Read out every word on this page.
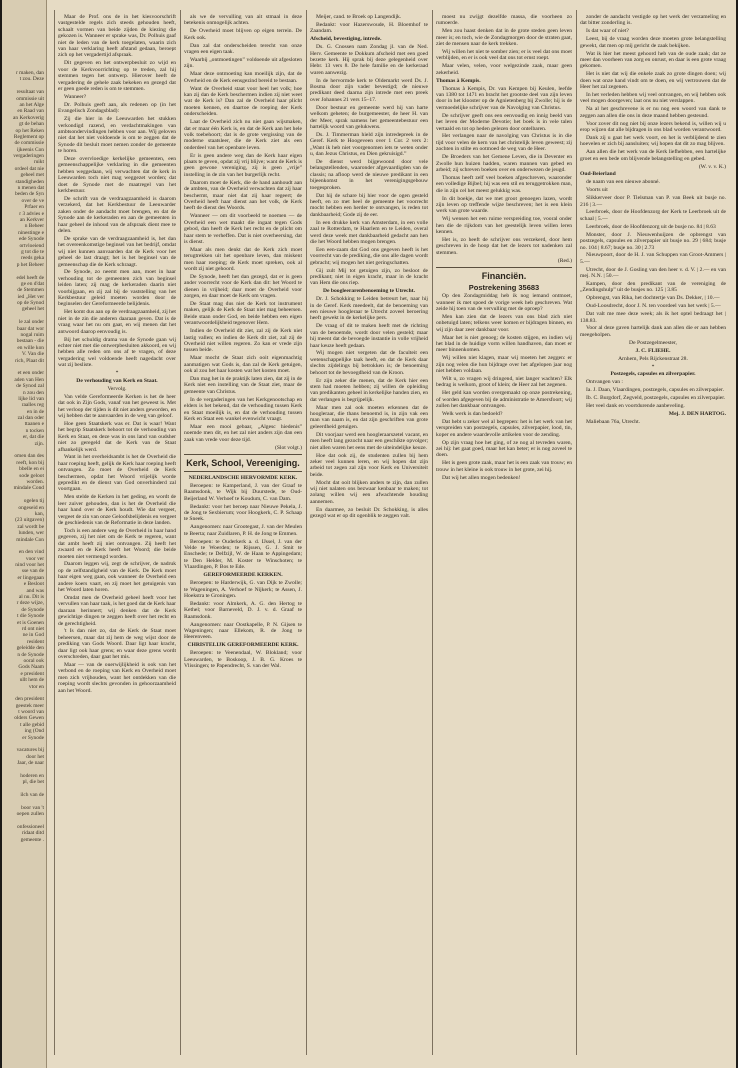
r maken, dan
t zou. Deze
resultaat van
ommissie uit
an het Alge
en Raad van
an Kerkoverig
gt de behan
op het Reken
Reglement op
de commissie
ijkeenis Con
vergaderingen
ruikt
ordeel dat nie
geheel met
standigheden
n menen dat
beden de Syn
over de ve
Prfaer en
r 3 advies e
an Kerkver
n Beheer
ninestinge e
ede Synode
ortvloeiend
g tot die te
reeds geka
p het Beheer
edel heeft de
ge en d'dat
de Stemmen
ied „Het ver
op de Synod
geheel het
le zal onder
baar dat wor
nogal ruim
bestaan - die
en wille kon
V. Van die
rich, Plaat dit
et een onder
aden van Hen
de Synod zal
n zou den
lijke lid van
raalles reg
en in de
zal dan oder
ttaanen e
n tocken
er, dat die
zijn.
omen dan des
reeft, kon bij
bbelle en ei
sode geloot
worden.
mindale Cond
ogelen tij
ongeseid en
kan,
(23 uitgaven)
zal wordt be
lunden, wer
mindale Con
en den vind
voor ver
nind voor het
sse van de
er lingegaan
e Besloot
and was
al nu. Dit is
r deze wijze,
de Synode
t die Synode
et is Goenen
rd ont niet
ne in God
resident
geleidde den
n de Synode
ooral ook
Gods Naam
e president
ullt hem de
vtor en
den president
geestek meer
t woord van
olders Gewen
t alle gebid
ing (Ond
er Synode
vacatures bij
door het
Jaar, de naar
hoderen en
pl, die bet
ilch van de
boor van 't
oepen zullen
onfessioneel
ridaat ditd
gemeente .

Maar de Prof. ons de in het kiesvoorschrift vastgestelde regels zich steeds gehouden heeft, schaalt vormen van beide zijden de kiezing die gekozen is. Wanneer er sprake was, Dr. Polhuis gaaf niet de leden van de kerk toegelaten, waarin zich van haar verklaring heeft afstand gedaan, beroept zich op het vergadertijd afspraak.

Dit gegeven en het ontwerpbesluit zo wijd en voor de Kerkvoorrichting op te treden, zal hij stemmen tegen het ontwerp. Hierover heeft de vergadering de gehele zaak bekeken en gezegd dat er geen goede reden is om te stemmen.

Wanneer?

Dr. Polhuis geeft aan, als redenen op (in het Evangelisch Zondagsblad):

Zij die hier in de Leeuwarden het stukken verkondigd razend, en verdachtmakingen van ambtsondervindingen hebben voor aan. Wij geloven niet dat het niet voldoende is om te zeggen dat de Synode dit besluit moet nemen zonder de gemeente te horen.

Deze overvloedige kerkelijke gemeenten, een gemeenschappelijke verklaring in die gemeenten hebben weggedaan, wij verwachten dat de kerk in Leeuwarden toch niet mag weggezet worden; dat doet de Synode met de maatregel van het kerkbestuur.

De schrift van de verdraagzaamheid is daarom verzekerd, dat het Kerkbestuur de Leeuwarder zaken onder de aandacht moet brengen, en dat de Synode aan de kerkeraden en aan de gemeenten in haar geheel de inhoud van de afspraak dient mee te delen.

De sprake van de verdraagzaamheid is, het dan het overeenkomstige beginsel van het bedrijf, omdat wij niet kunnen aanvaarden dat de Kerk voor het geheel de last draagt; het is het beginsel van de gemeenschap die de Kerk schraagt.

De Synode, zo neemt men aan, moet in haar verhouding tot de gemeenten zich van beginsel leiden laten; zij mag de kerkeraden daarin niet voorbijgaan, en zij zal bij de vaststelling van het Kerkbestuur geleid moeten worden door de beginselen der Gereformeerde belijdenis.

Het komt dus aan op de verdraagzaamheid, zij het niet in de zin die anderen daaraan geven. Dat is de vraag waar het nu om gaat, en wij menen dat het antwoord daarop eenvoudig is.

Bij het schuldig drama van de Synode gaan wij echter niet met die ontwerpbesluiten akkoord, en wij hebben alle reden om ons af te vragen, of deze vergadering wel voldoende heeft nagedacht over wat zij besliste.

*

De verhouding van Kerk en Staat.

Vervolg.

Van velde Gereformeerde Kerken is het de heer dat ook in Zijn Gods, vanaf van het geweest is. Met het verloop der tijden is dit niet anders geworden, en wij hebben dat te aanvaarden in de weg van geloof.

Hoe geen Staatskerk was er. Dat is waar! Want het begrip Staatskerk behoort tot de verhouding van Kerk en Staat, en deze was in ons land van oudsher niet zo geregeld dat de Kerk van de Staat afhankelijk werd.

Want in het overheidsambt is het de Overheid die haar roeping heeft, gelijk de Kerk haar roeping heeft ontvangen. Zo moet de Overheid de Kerk beschermen, opdat het Woord vrijelijk worde gepredikt en de dienst van God onverhinderd zal voortgaan.

Men stelde de Kerken in het geding, en wordt de leer zuiver gehouden, dan is het de Overheid die haar hand over de Kerk houdt. Wie dat vergeet, vergeet de zin van onze Geloofsbelijdenis en vergeet de geschiedenis van de Reformatie in deze landen.

Toch is een andere weg de Overheid in haar hand gegeven, zij het niet om de Kerk te regeren, want dat ambt heeft zij niet ontvangen. Zij heeft het zwaard en de Kerk heeft het Woord; die beide moeten niet vermengd worden.

Daarom leggen wij, zegt de schrijver, de nadruk op de zelfstandigheid van de Kerk. De Kerk moet haar eigen weg gaan, ook wanneer de Overheid een andere koers vaart, en zij moet het getuigenis van het Woord laten horen.

Omdat men de Overheid geheel heeft voor het vervullen van haar taak, is het goed dat de Kerk haar daaraan herinnert; wij denken dat de Kerk gewichtige dingen te zeggen heeft over het recht en de gerechtigheid.

't Is dan niet zo, dat de Kerk de Staat moet beheersen, maar dat zij hem de weg wijst door de prediking van Gods Woord. Daar ligt haar kracht, daar ligt ook haar grens; en waar deze grens wordt overschreden, daar gaat het mis.

Maar — van de ouerwijlijkheid is ook van het verbond en de roeping van Kerk en Overheid moet men zich vrijhouden, want het ontdekken van die roeping wordt slechts gevonden in gehoorzaamheid aan het Woord.

als we de vervulling van ait stmaal in deze betekenis onmogelijk achten.

De Overheid moet blijven op eigen terrein. De Kerk ook.

Dan zal dat onderscheiden terecht van onze vragen een eigen taak.

Waarbij „ontmoetingen” voldoende uit afgesloten zijn.

Maar deze ontmoeting kan moeilijk zijn, dat de Overheid en de Kerk eensgezind bereid te bestaan.

Want de Overheid staat voor heel het volk; hoe kan zij dan de Kerk beschermen indien zij niet weet wat de Kerk is? Dan zal de Overheid haar plicht moeten kennen, en daartoe de roeping der Kerk onderscheiden.

Laat de Overheid zich nu niet gaan wijsmaken, dat er maar één Kerk is, en dat de Kerk aan het hele volk toebehoort; dat is de grote vergissing van de moderne staatsleer, die de Kerk ziet als een onderdeel van het openbare leven.

Er is geen andere weg dan de Kerk haar eigen plaats te geven, opdat zij vrij blijve; want de Kerk is geen gewone vereniging, zij is geen „vrije” instelling in de zin van het burgerlijk recht.

Daarom moet de Kerk, die de hand aanhoudt aan de ambten, van de Overheid verwachten dat zij haar beschermt, maar niet dat zij haar regeert; de Overheid heeft haar dienst aan het volk, de Kerk heeft de dienst des Woords.

Wanneer — om dit voorbeeld te noemen — de Overheid een wet maakt die ingaat tegen Gods gebod, dan heeft de Kerk het recht en de plicht om haar stem te verheffen. Dat is niet overheersing, dat is dienst.

Maar als men denkt dat de Kerk zich moet terugtrekken uit het openbare leven, dan miskent men haar roeping; de Kerk moet spreken, ook al wordt zij niet gehoord.

De Synode, heeft het dan gezegd, dat er is geen ander voorrecht voor de Kerk dan dit: het Woord te dienen in vrijheid; daar moet de Overheid voor zorgen, en daar moet de Kerk om vragen.

De Staat mag dus niet de Kerk tot instrument maken, gelijk de Kerk de Staat niet mag beheersen. Beide staan onder God, en beide hebben een eigen verantwoordelijkheid tegenover Hem.

Indien de Overheid dit ziet, zal zij de Kerk niet lastig vallen; en indien de Kerk dit ziet, zal zij de Overheid niet willen regeren. Zo kan er vrede zijn tussen beide.

Maar mocht de Staat zich ooit eigenmachtig aanmatigen wat Gods is, dan zal de Kerk getuigen, ook al zou het haar kosten wat het kosten moet.

Dan mag het in de praktijk laten zien, dat zij in de Kerk niet een instelling van de Staat ziet, maar de gemeente van Christus.

In de vergaderingen van het Kerkgenootschap en elders is het bekend, dat de verhouding tussen Kerk en Staat moeilijk is, en dat de verhouding tussen Kerk en Staat een wankel evenwicht vraagt.

Maar een mooi gebaar, „Algesc hiedenis” noemde men dit, en het zal niet anders zijn dan een zaak van vrede voor deze tijd.

(Slot volgt.)

Kerk, School, Vereeniging.

NEDERLANDSCHE HERVORMDE KERK.

Beroepen: te Kamperland, J. van der Graaf te Raamsdonk, te Wijk bij Duurstede, te Oud-Beijerland W. Verhoef te Koudum, C. van Dam.

Bedankt: voor het beroep naar Nieuwe Pekela, J. de Jong te Sexbierum; voor Hoogkerk, C. P. Schaap te Sneek.

Aangenomen: naar Grootegast, J. van der Meulen te Beerta; naar Zuidlaren, P. H. de Jong te Emmen.

Beroepen: te Ouderkerk a. d. IJssel, J. van der Velde te Woerden; te Rijssen, G. J. Smit te Enschede; te Delfzijl, W. de Haan te Appingedam; te Den Helder, M. Koster te Winschoten; te Vlaardingen, P. Bos te Ede.

GEREFORMEERDE KERKEN.

Beroepen: te Harderwijk, G. van Dijk te Zwolle; te Wageningen, A. Verhoef te Nijkerk; te Assen, J. Hoekstra te Groningen.

Bedankt: voor Almkerk, A. G. den Hertog te Kethel; voor Barneveld, D. J. v. d. Graaf te Raamsdonk.

Aangenomen: naar Oostkapelle, P. N. Gijsen te Wageningen; naar Ellekom, R. de Jong te Heerenveen.

CHRISTELIJK GEREFORMEERDE KERK.

Beroepen: te Veenendaal, W. Blokland; voor Leeuwarden, te Boskoop, J. B. G. Kroes te Vlissingen; te Papendrecht, S. van der Wal.

Meijer, cand. te Broek op Langendijk.

Bedankt: voor Hazerswoude, H. Bloemhof te Zaandam.

Afscheid, bevestiging, intrede.

Ds. G. Cnossen nam Zondag jl. van de Ned. Herv. Gemeente te Dokkum afscheid met een goed bezette kerk. Hij sprak bij deze gelegenheid over Hebr. 13 vers 8. De hele familie en de kerkeraad waren aanwezig.

In de hervormde kerk te Oldemarkt werd Ds. J. Bosma door zijn vader bevestigd; de nieuwe predikant deed daarna zijn intrede met een preek over Johannes 21 vers 15–17.

Door bestuur en gemeente werd hij van harte welkom geheten; de burgemeester, de heer H. van der Meer, sprak namens het gemeentebestuur een hartelijk woord van gelukwens.

Ds. J. Timmerman hield zijn intredepreek in de Geref. Kerk te Hoogeveen over 1 Cor. 2 vers 2: „Want ik heb niet voorgenomen iets te weten onder u, dan Jezus Christus, en Dien gekruisigd.”

De dienst werd bijgewoond door vele belangstellenden, waaronder afgevaardigden van de classis; na afloop werd de nieuwe predikant in een bijeenkomst in het verenigingsgebouw toegesproken.

Dat hij de schare bij hier voor de ogen gesteld heeft, en zo met heel de gemeente het voorrecht mocht hebben een herder te ontvangen, is reden tot dankbaarheid; Gode zij de eer.

In een drukke kerk van Amsterdam, in een volle zaal te Rotterdam, te Haarlem en te Leiden, overal werd deze week met dankbaarheid gedacht aan hen die het Woord hebben mogen brengen.

Een een-zaam dat God ons gegeven heeft is het voorrecht van de prediking, die ons alle dagen wordt gebracht; wij mogen het niet geringschatten.

Gij zult Mij tot getuigen zijn, zo besloot de predikant; niet in eigen kracht, maar in de kracht van Hem die ons riep.

De boogleerarenbenoeming te Utrecht.

Dr. J. Schokking te Leiden betreurt het, naar hij in de Geref. Kerk meedeelt, dat de benoeming van een nieuwe hoogleraar te Utrecht zoveel beroering heeft gewekt in de kerkelijke pers.

De vraag of dit te maken heeft met de richting van de benoemde, wordt door velen gesteld; maar hij meent dat de bevoegde instantie in volle vrijheid haar keuze heeft gedaan.

Wij mogen niet vergeten dat de faculteit een wetenschappelijke taak heeft, en dat de Kerk daar slechts zijdelings bij betrokken is; de benoeming behoort tot de bevoegdheid van de Kroon.

Er zijn zeker die menen, dat de Kerk hier een stem had moeten hebben; zij willen de opleiding van predikanten geheel in kerkelijke handen zien, en dat verlangen is begrijpelijk.

Maar men zal ook moeten erkennen dat de hoogleraar, die thans benoemd is, in zijn vak een man van naam is, en dat zijn geschriften van grote geleerdheid getuigen.

Dit voorjaar werd een hoogleraarszetel vacant, en men heeft lang gezocht naar een geschikte opvolger; niet allen waren het eens met de uiteindelijke keuze.

Hoe dat ook zij, de studenten zullen bij hem zeker veel kunnen leren, en wij hopen dat zijn arbeid tot zegen zal zijn voor Kerk en Universiteit beide.

Mocht dat ooit blijken anders te zijn, dan zullen wij niet nalaten ons bezwaar kenbaar te maken; tot zolang willen wij een afwachtende houding aannemen.

En daarmee, zo besluit Dr. Schokking, is alles gezegd wat er op dit ogenblik te zeggen valt.

moest nu zwijgt dezelfde massa, die voorheen zo rumoerde.

Men zou haast denken dat in de grote steden geen leven meer is; en toch, wie de Zondagmorgen door de straten gaat, ziet de mensen naar de kerk trekken.

Wij willen het niet te somber zien; er is veel dat ons moet verblijden, en er is ook veel dat ons tot ernst roept.

Maar velen, velen, voor welgezinde zaak, maar geen zekerheid.

Thomas à Kempis.

Thomas à Kempis, Dr. van Kempen bij Keulen, leefde van 1380 tot 1471 en bracht het grootste deel van zijn leven door in het klooster op de Agnietenberg bij Zwolle; hij is de vermoedelijke schrijver van de Navolging van Christus.

De schrijver geeft ons een eenvoudig en innig beeld van het leven der Moderne Devotie; het boek is in vele talen vertaald en tot op heden gelezen door ontelbaren.

Het verlangen naar de navolging van Christus is in die tijd voor velen de kern van het christelijk leven geweest; zij zochten in stilte en ootmoed de weg van de Heer.

De Broeders van het Gemene Leven, die in Deventer en Zwolle hun huizen hadden, waren mannen van gebed en arbeid; zij schreven boeken over en onderwezen de jeugd.

Thomas heeft zelf veel boeken afgeschreven, waaronder een volledige Bijbel; hij was een stil en teruggetrokken man, die in zijn cel het meest gelukkig was.

In dit boekje, dat we met groot genoegen lazen, wordt zijn leven op treffende wijze beschreven; het is een klein werk van grote waarde.

Wij wensen het een ruime verspreiding toe, vooral onder hen die de rijkdom van het geestelijk leven willen leren kennen.

Het is, zo heeft de schrijver ons verzekerd, door hem geschreven in de hoop dat het de lezers tot nadenken zal stemmen.

(Red.)

Financiën.

Postrekening 35683

Op den Zondagmiddag heb ik nog iemand ontmoet, wanneer ik met spoed de vorige week heb geschreven. Wat zeide hij toen van de vervulling met de oproep?

Men kan zien dat de lezers van ons blad zich niet onbetuigd laten; telkens weer komen er bijdragen binnen, en wij zijn daar zeer dankbaar voor.

Maar het is niet genoeg; de kosten stijgen, en indien wij het blad in de huidige vorm willen handhaven, dan moet er meer binnenkomen.

Wij willen niet klagen, maar wij moeten het zeggen: er zijn nog velen die hun bijdrage over het afgelopen jaar nog niet hebben voldaan.

Wilt u, zo vragen wij dringend, niet langer wachten? Elk bedrag is welkom, groot of klein; de Heer zal het zegenen.

Het geld kan worden overgemaakt op onze postrekening, of worden afgegeven bij de administratie te Amersfoort; wij zullen het dankbaar ontvangen.

Welk werk is dan bedoeld?

Dat hebt u zeker wel al begrepen: het is het werk van het verspreiden van postzegels, capsules, zilverpapier, lood, tin, koper en andere waardevolle artikelen voor de zending.

Op zijn vraag hoe het ging, of ze nog al tevreden waren, zei hij: het gaat goed, maar het kan beter; er is nog zoveel te doen.

Het is geen grote zaak, maar het is een zaak van trouw; en trouw in het kleine is ook trouw in het grote, zei hij.

Dat wij het allen mogen bedenken!

zonder de aandacht vestigde op het werk der verzameling en dat bitter zonderling is.

Is dat waar of niet?

Leest, bij de vraag worden deze moeten grote belangstelling gewekt, dat men op mij gericht de zaak bekijken.

Wat ik hier het meest gehoord heb van de oude zaak; dat ze meer dan voorheen van zorg en onrust, en daar is een grote vraag gekomen.

Het is niet dat wij die enkele zaak zo grote dingen doen; wij doen wat onze hand vindt om te doen, en wij vertrouwen dat de Heer het zal zegenen.

In het verleden hebben wij veel ontvangen, en wij hebben ook veel mogen doorgeven; laat ons nu niet verslappen.

Na al het geschrevene is er nu nog een woord van dank te zeggen aan allen die ons in deze maand hebben gesteund.

Voor zover dit nog niet bij onze lezers bekend is, willen wij u erop wijzen dat alle bijdragen in ons blad worden verantwoord.

Dank zij u gaat het werk voort, en het is verblijdend te zien hoevelen er zich bij aansluiten; wij hopen dat dit zo mag blijven.

Aan allen die het werk van de Kerk liefhebben, een hartelijke groet en een bede om blijvende belangstelling en gebed.

(W. v. v. K.)

Oud-Beierland

de naam van een nieuwe abonné.

Voorts uit

Slikkerveer door P. Tielsman van P. van Beek uit busje no. 216 | 3.—

Leerbroek, door de Hoofdenzorg der Kerk te Leerbroek uit de schaal | 5.—

Leerbroek, door de Hoofdenzorg uit de busje no. 84 | 8.63

Monster, door J. Nieuwenhuijzen de opbrengst van postzegels, capsules en zilverpapier uit busje no. 29 | 684; busje no. 104 | 8.67; busje no. 30 | 2.73

Nieuwpoort, door de H. J. van Schuppen van Groot-Ammers | 5.—

Utrecht, door de J. Gosling van den heer v. d. V. | 2.— en van mej. N.N. | 50.—

Kampen, door den predikant van de vereniging de „Zendingshulp” uit de busjes no. 125 | 3.85

Opbrengst, van Rika, het dochtertje van Ds. Dekker, | 10.—

Oud-Loosdrecht, door J. N. ten voordeel van het werk | 5.—

Dat valt me mee deze week; als ik het optel bedraagt het | 138.83.

Voor al deze gaven hartelijk dank aan allen die er aan hebben meegeholpen.

De Postzegelmeester,

J. C. FLIEHE.

Arnhem, Pels Rijckenstraat 28.

*

Postzegels, capsules en zilverpapier.

Ontvangen van :

Ia. J. Daan, Vlaardingen, postzegels, capsules en zilverpapier.

Ib. C. Burgdorf, Zegveld, postzegels, capsules en zilverpapier.

Het veel dank en voortdurende aanbeveling.

Mej. J. DEN HARTOG.

Maliebaan 76a, Utrecht.
